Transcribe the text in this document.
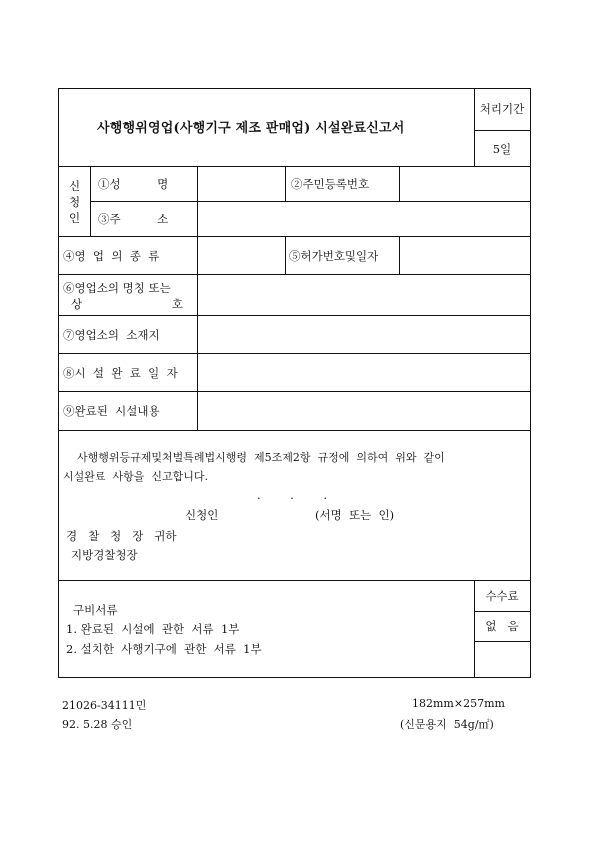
사행행위영업(사행기구 제조 판매업) 시설완료신고서
처리기간
5일
신
청
인
①성          명	②주민등록번호
③주          소
④영  업  의  종  류	⑤허가번호및일자
⑥영업소의 명칭 또는
상	호
⑦영업소의  소재지
⑧시  설  완  료  일  자
⑨완료된  시설내용
사행행위등규제및처벌특례법시행령  제5조제2항  규정에  의하여  위와  같이
시설완료  사항을  신고합니다.
.	.	.
신청인	(서명  또는  인)
경   찰   청   장   귀하
지방경찰청장
구비서류
1. 완료된  시설에  관한  서류  1부
2. 설치한  사행기구에  관한  서류  1부
수수료
없   음
21026-34111민
92. 5.28 승인
182mm×257mm
(신문용지  54g/㎡)
